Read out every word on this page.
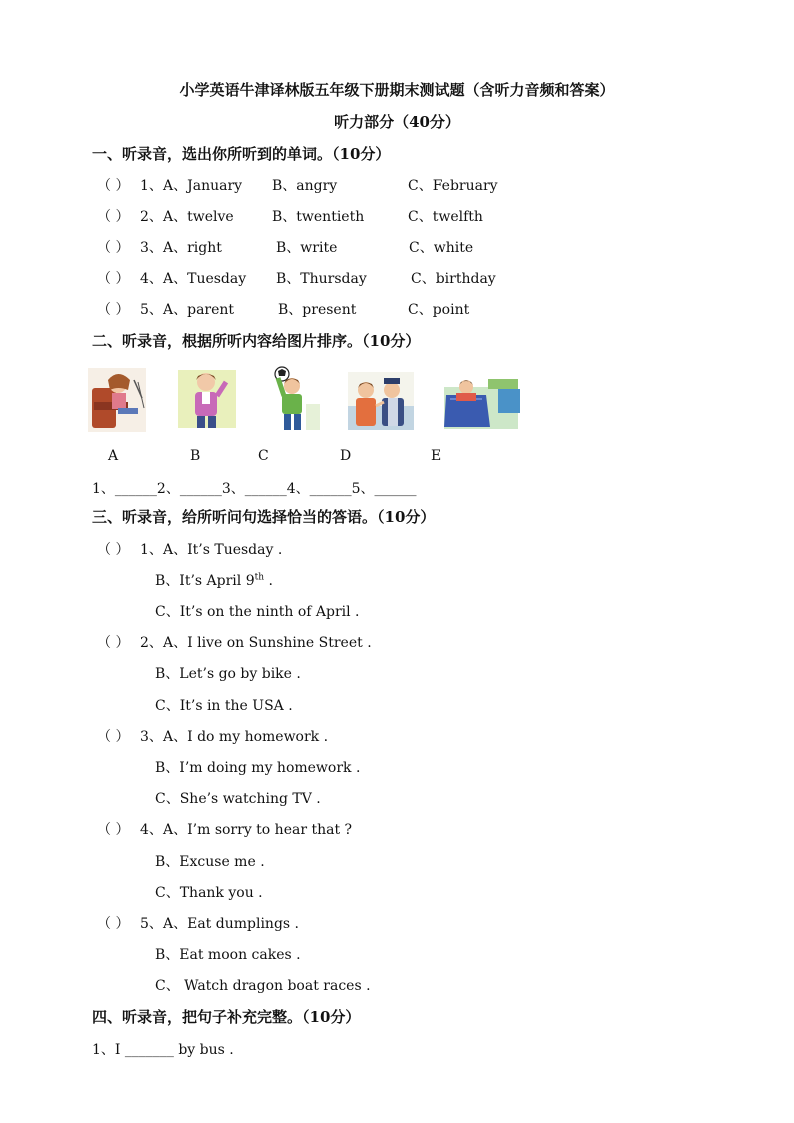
小学英语牛津译林版五年级下册期末测试题（含听力音频和答案）
听力部分（40分）
一、听录音，选出你所听到的单词。（10分）
（ ） 1、 A、January B、angry	C、February
（ ） 2、 A、twelve	B、twentieth	C、twelfth
（ ） 3、 A、right	B、write	C、white
（ ） 4、 A、Tuesday B、Thursday	C、birthday
（ ） 5、 A、parent	B、present	C、point
二、听录音，根据所听内容给图片排序。（10分）
A	B	C	D	E
1、______2、______3、______4、______5、______
三、听录音，给所听问句选择恰当的答语。（10分）
（ ） 1、 A、It’s Tuesday .
B、It’s April 9th .
C、It’s on the ninth of April .
（ ） 2、 A、I live on Sunshine Street .
B、Let’s go by bike .
C、It’s in the USA .
（ ） 3、 A、I do my homework .
B、I’m doing my homework .
C、She’s watching TV .
（ ） 4、 A、I’m sorry to hear that ?
B、Excuse me .
C、Thank you .
（ ） 5、 A、Eat dumplings .
B、Eat moon cakes .
C、 Watch dragon boat races .
四、听录音，把句子补充完整。（10分）
1、I _______ by bus .
